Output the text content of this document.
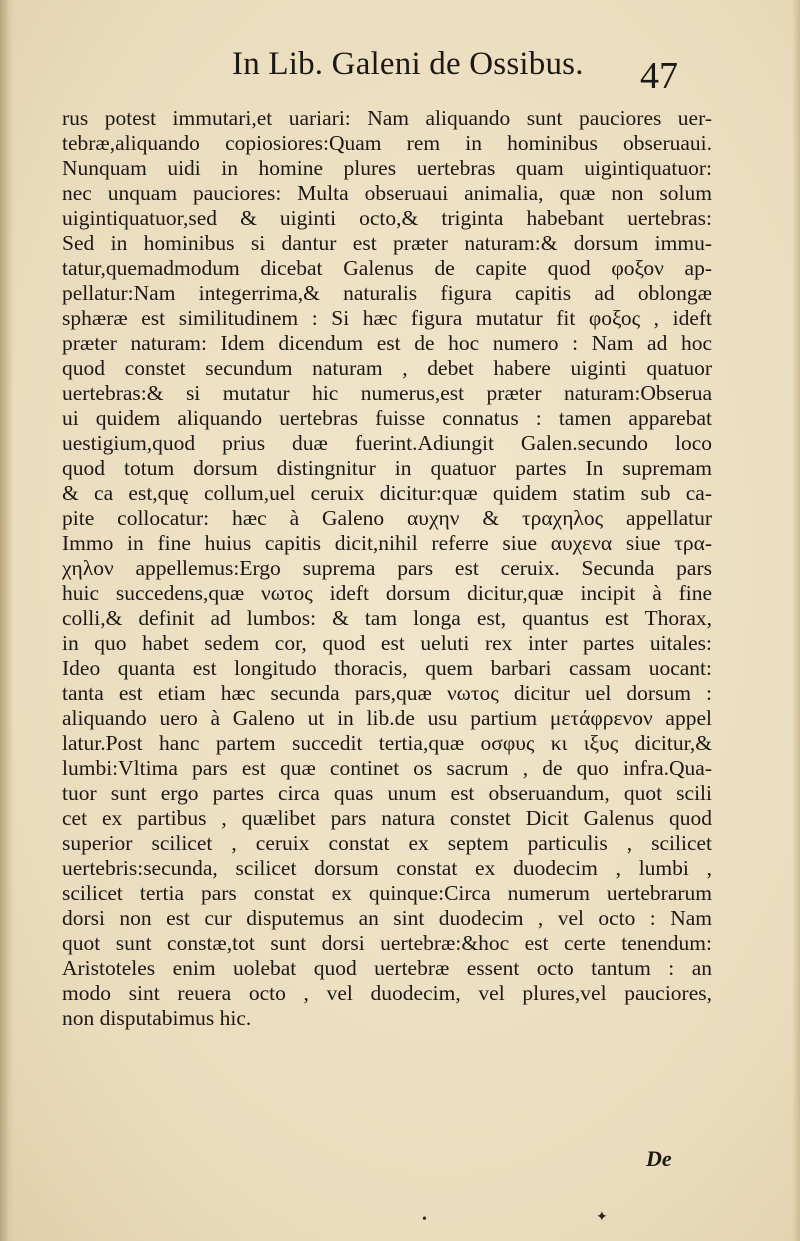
In Lib. Galeni de Ossibus. 47
rus potest immutari,et uariari: Nam aliquando sunt pauciores uer-
tebræ,aliquando copiosiores:Quam rem in hominibus obseruaui.
Nunquam uidi in homine plures uertebras quam uigintiquatuor:
nec unquam pauciores: Multa obseruaui animalia, quæ non solum
uigintiquatuor,sed & uiginti octo,& triginta habebant uertebras:
Sed in hominibus si dantur est præter naturam:& dorsum immu-
tatur,quemadmodum dicebat Galenus de capite quod φοξον ap-
pellatur:Nam integerrima,& naturalis figura capitis ad oblongæ
sphæræ est similitudinem : Si hæc figura mutatur fit φοξος , ideft
præter naturam: Idem dicendum est de hoc numero : Nam ad hoc
quod constet secundum naturam , debet habere uiginti quatuor
uertebras:& si mutatur hic numerus,est præter naturam:Obserua
ui quidem aliquando uertebras fuisse connatus : tamen apparebat
uestigium,quod prius duæ fuerint.Adiungit Galen.secundo loco
quod totum dorsum distingnitur in quatuor partes In supremam
& ca est,quę collum,uel ceruix dicitur:quæ quidem statim sub ca-
pite collocatur: hæc à Galeno αυχην & τραχηλος appellatur
Immo in fine huius capitis dicit,nihil referre siue αυχενα siue τρα-
χηλον appellemus:Ergo suprema pars est ceruix. Secunda pars
huic succedens,quæ νωτος ideft dorsum dicitur,quæ incipit à fine
colli,& definit ad lumbos: & tam longa est, quantus est Thorax,
in quo habet sedem cor, quod est ueluti rex inter partes uitales:
Ideo quanta est longitudo thoracis, quem barbari cassam uocant:
tanta est etiam hæc secunda pars,quæ νωτος dicitur uel dorsum :
aliquando uero à Galeno ut in lib.de usu partium μετάφρενον appel
latur.Post hanc partem succedit tertia,quæ οσφυς κι ιξυς dicitur,&
lumbi:Vltima pars est quæ continet os sacrum , de quo infra.Qua-
tuor sunt ergo partes circa quas unum est obseruandum, quot scili
cet ex partibus , quælibet pars natura constet Dicit Galenus quod
superior scilicet , ceruix constat ex septem particulis , scilicet
uertebris:secunda, scilicet dorsum constat ex duodecim , lumbi ,
scilicet tertia pars constat ex quinque:Circa numerum uertebrarum
dorsi non est cur disputemus an sint duodecim , vel octo : Nam
quot sunt constæ,tot sunt dorsi uertebræ:&hoc est certe tenendum:
Aristoteles enim uolebat quod uertebræ essent octo tantum : an
modo sint reuera octo , vel duodecim, vel plures,vel pauciores,
non disputabimus hic.
De
•	✦
